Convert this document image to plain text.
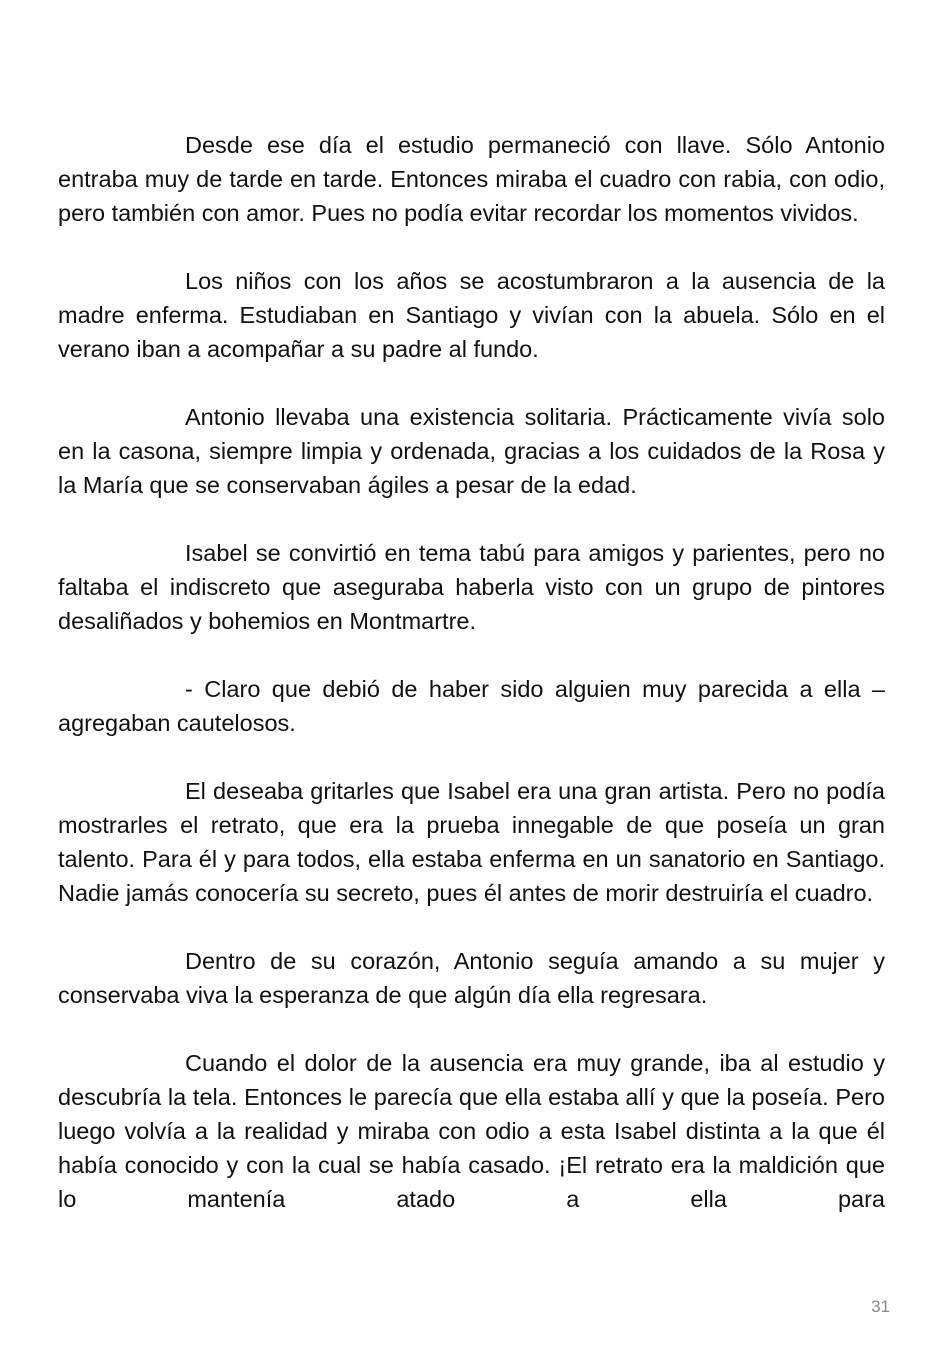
Desde ese día el estudio permaneció con llave. Sólo Antonio entraba muy de tarde en tarde. Entonces miraba el cuadro con rabia, con odio, pero también con amor. Pues no podía evitar recordar los momentos vividos.

Los niños con los años se acostumbraron a la ausencia de la madre enferma. Estudiaban en Santiago y vivían con la abuela. Sólo en el verano iban a acompañar a su padre al fundo.

Antonio llevaba una existencia solitaria. Prácticamente vivía solo en la casona, siempre limpia y ordenada, gracias a los cuidados de la Rosa y la María que se conservaban ágiles a pesar de la edad.

Isabel se convirtió en tema tabú para amigos y parientes, pero no faltaba el indiscreto que aseguraba haberla visto con un grupo de pintores desaliñados y bohemios en Montmartre.

- Claro que debió de haber sido alguien muy parecida a ella – agregaban cautelosos.

El deseaba gritarles que Isabel era una gran artista. Pero no podía mostrarles el retrato, que era la prueba innegable de que poseía un gran talento. Para él y para todos, ella estaba enferma en un sanatorio en Santiago. Nadie jamás conocería su secreto, pues él antes de morir destruiría el cuadro.

Dentro de su corazón, Antonio seguía amando a su mujer y conservaba viva la esperanza de que algún día ella regresara.

Cuando el dolor de la ausencia era muy grande, iba al estudio y descubría la tela. Entonces le parecía que ella estaba allí y que la poseía. Pero luego volvía a la realidad y miraba con odio a esta Isabel distinta a la que él había conocido y con la cual se había casado. ¡El retrato era la maldición que lo mantenía atado a ella para

31
